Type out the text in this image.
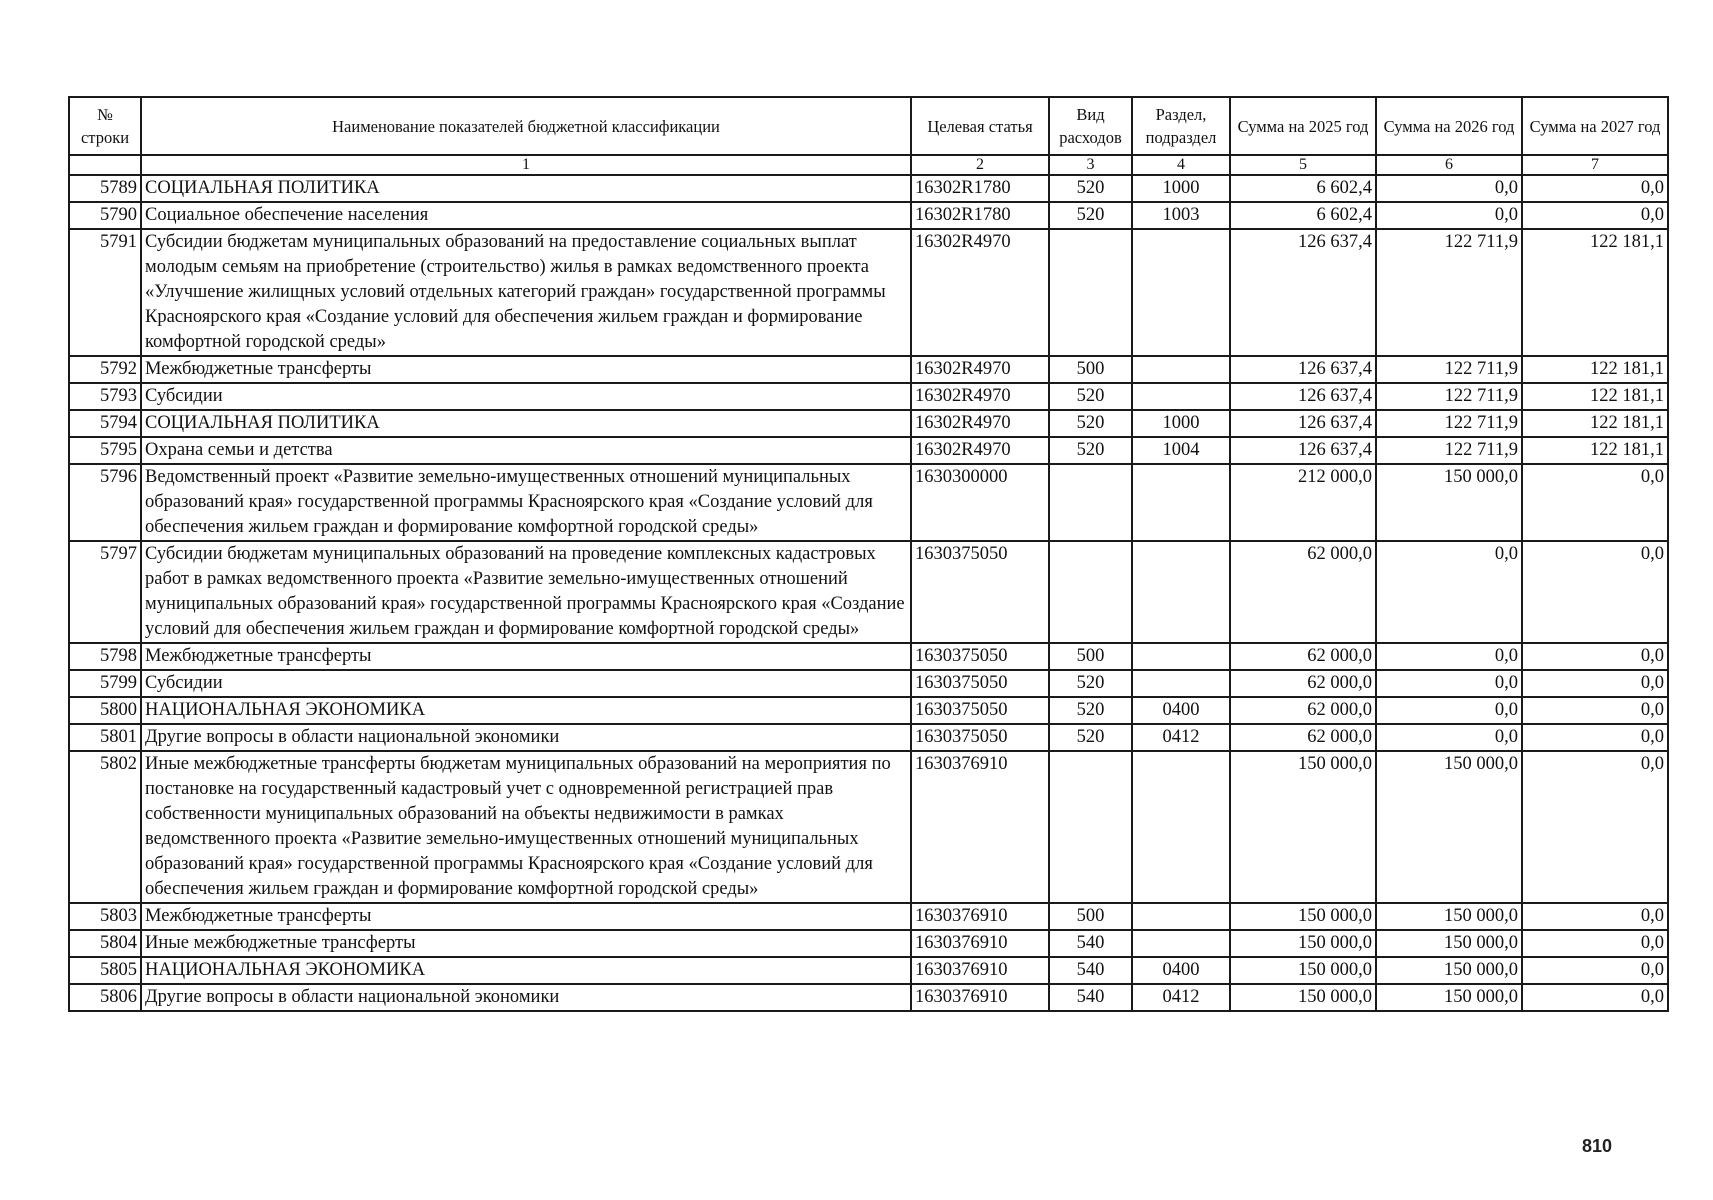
№ строки	Наименование показателей бюджетной классификации	Целевая статья	Вид расходов	Раздел, подраздел	Сумма на 2025 год	Сумма на 2026 год	Сумма на 2027 год
	1	2	3	4	5	6	7
5789	СОЦИАЛЬНАЯ ПОЛИТИКА	16302R1780	520	1000	6 602,4	0,0	0,0
5790	Социальное обеспечение населения	16302R1780	520	1003	6 602,4	0,0	0,0
5791	Субсидии бюджетам муниципальных образований на предоставление социальных выплат молодым семьям на приобретение (строительство) жилья в рамках ведомственного проекта «Улучшение жилищных условий отдельных категорий граждан» государственной программы Красноярского края «Создание условий для обеспечения жильем граждан и формирование комфортной городской среды»	16302R4970			126 637,4	122 711,9	122 181,1
5792	Межбюджетные трансферты	16302R4970	500		126 637,4	122 711,9	122 181,1
5793	Субсидии	16302R4970	520		126 637,4	122 711,9	122 181,1
5794	СОЦИАЛЬНАЯ ПОЛИТИКА	16302R4970	520	1000	126 637,4	122 711,9	122 181,1
5795	Охрана семьи и детства	16302R4970	520	1004	126 637,4	122 711,9	122 181,1
5796	Ведомственный проект «Развитие земельно-имущественных отношений муниципальных образований края» государственной программы Красноярского края «Создание условий для обеспечения жильем граждан и формирование комфортной городской среды»	1630300000			212 000,0	150 000,0	0,0
5797	Субсидии бюджетам муниципальных образований на проведение комплексных кадастровых работ в рамках ведомственного проекта «Развитие земельно-имущественных отношений муниципальных образований края» государственной программы Красноярского края «Создание условий для обеспечения жильем граждан и формирование комфортной городской среды»	1630375050			62 000,0	0,0	0,0
5798	Межбюджетные трансферты	1630375050	500		62 000,0	0,0	0,0
5799	Субсидии	1630375050	520		62 000,0	0,0	0,0
5800	НАЦИОНАЛЬНАЯ ЭКОНОМИКА	1630375050	520	0400	62 000,0	0,0	0,0
5801	Другие вопросы в области национальной экономики	1630375050	520	0412	62 000,0	0,0	0,0
5802	Иные межбюджетные трансферты бюджетам муниципальных образований на мероприятия по постановке на государственный кадастровый учет с одновременной регистрацией прав собственности муниципальных образований на объекты недвижимости в рамках ведомственного проекта «Развитие земельно-имущественных отношений муниципальных образований края» государственной программы Красноярского края «Создание условий для обеспечения жильем граждан и формирование комфортной городской среды»	1630376910			150 000,0	150 000,0	0,0
5803	Межбюджетные трансферты	1630376910	500		150 000,0	150 000,0	0,0
5804	Иные межбюджетные трансферты	1630376910	540		150 000,0	150 000,0	0,0
5805	НАЦИОНАЛЬНАЯ ЭКОНОМИКА	1630376910	540	0400	150 000,0	150 000,0	0,0
5806	Другие вопросы в области национальной экономики	1630376910	540	0412	150 000,0	150 000,0	0,0
810
